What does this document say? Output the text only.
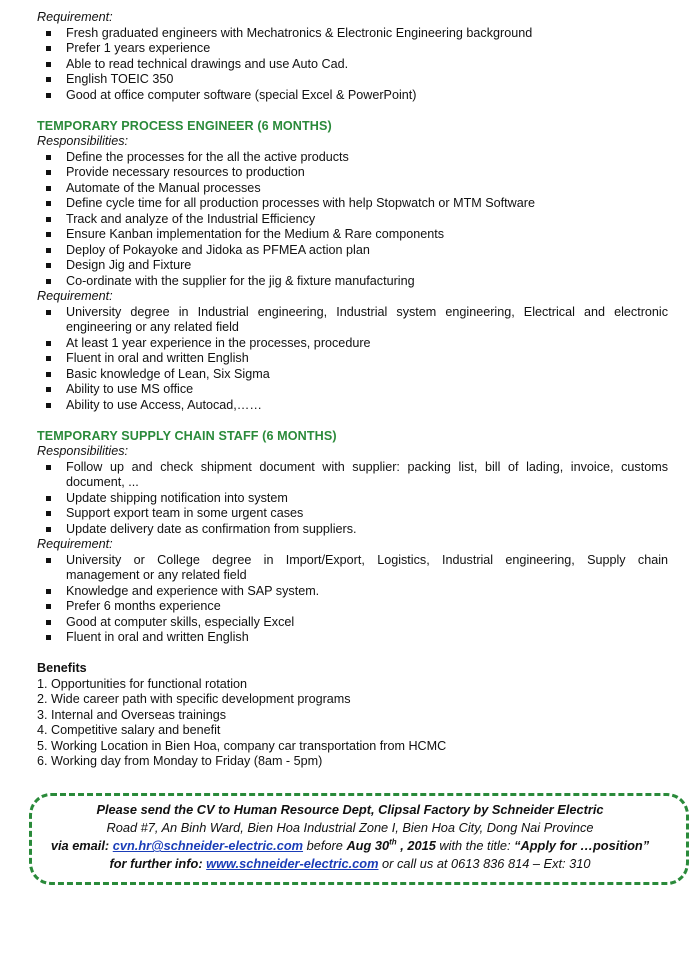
Requirement:
Fresh graduated engineers with Mechatronics & Electronic Engineering background
Prefer 1 years experience
Able to read technical drawings and use Auto Cad.
English TOEIC 350
Good at office computer software (special Excel & PowerPoint)
TEMPORARY PROCESS ENGINEER (6 MONTHS)
Responsibilities:
Define the processes for the all the active products
Provide necessary resources to production
Automate of the Manual processes
Define cycle time for all production processes with help Stopwatch or MTM Software
Track and analyze of the Industrial Efficiency
Ensure Kanban implementation for the Medium & Rare components
Deploy of Pokayoke and Jidoka as PFMEA action plan
Design Jig and Fixture
Co-ordinate with the supplier for the jig & fixture manufacturing
Requirement:
University degree in Industrial engineering, Industrial system engineering, Electrical and electronic
engineering or any related field
At least 1 year experience in the processes, procedure
Fluent in oral and written English
Basic knowledge of Lean, Six Sigma
Ability to use MS office
Ability to use Access, Autocad,……
TEMPORARY SUPPLY CHAIN STAFF (6 MONTHS)
Responsibilities:
Follow up and check shipment document with supplier: packing list, bill of lading, invoice, customs
document, ...
Update shipping notification into system
Support export team in some urgent cases
Update delivery date as confirmation from suppliers.
Requirement:
University or College degree in Import/Export, Logistics, Industrial engineering, Supply chain
management or any related field
Knowledge and experience with SAP system.
Prefer 6 months experience
Good at computer skills, especially Excel
Fluent in oral and written English
Benefits
1. Opportunities for functional rotation
2. Wide career path with specific development programs
3. Internal and Overseas trainings
4. Competitive salary and benefit
5. Working Location in Bien Hoa, company car transportation from HCMC
6. Working day from Monday to Friday (8am - 5pm)
Please send the CV to Human Resource Dept, Clipsal Factory by Schneider Electric
Road #7, An Binh Ward, Bien Hoa Industrial Zone I, Bien Hoa City, Dong Nai Province
via email: cvn.hr@schneider-electric.com before Aug 30th , 2015 with the title: “Apply for …position”
for further info: www.schneider-electric.com or call us at 0613 836 814 – Ext: 310
